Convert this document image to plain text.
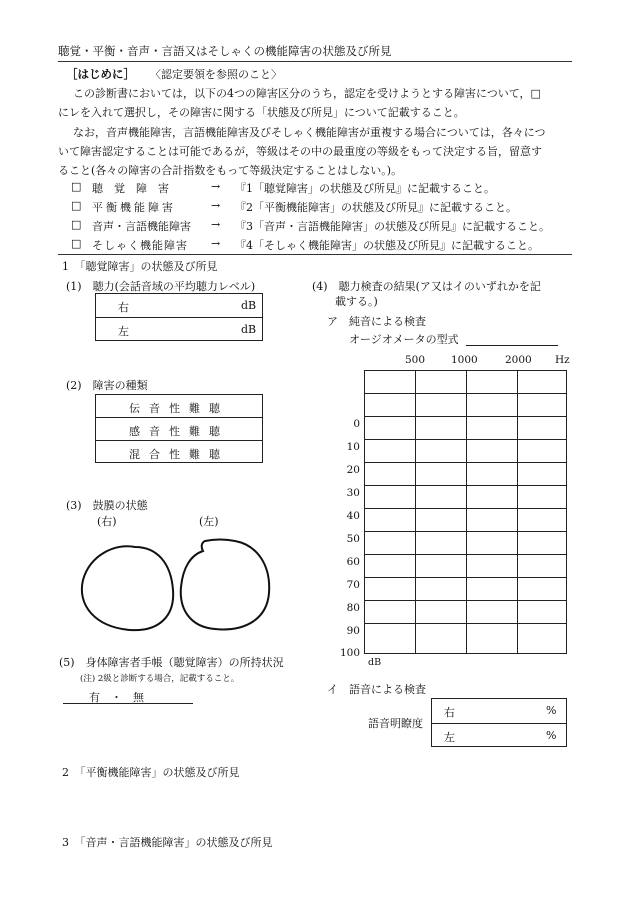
聴覚・平衡・音声・言語又はそしゃくの機能障害の状態及び所見
［はじめに］ 〈認定要領を参照のこと〉
この診断書においては，以下の4つの障害区分のうち，認定を受けようとする障害について，□
にレを入れて選択し，その障害に関する「状態及び所見」について記載すること。
なお，音声機能障害，言語機能障害及びそしゃく機能障害が重複する場合については，各々につ
いて障害認定することは可能であるが，等級はその中の最重度の等級をもって決定する旨，留意す
ること(各々の障害の合計指数をもって等級決定することはしない。)。
□ 聴　覚　障　害	→ 『1「聴覚障害」の状態及び所見』に記載すること。
□ 平衡機能障害	→ 『2「平衡機能障害」の状態及び所見』に記載すること。
□ 音声・言語機能障害 → 『3「音声・言語機能障害」の状態及び所見』に記載すること。
□ そしゃく機能障害 → 『4「そしゃく機能障害」の状態及び所見』に記載すること。
1　「聴覚障害」の状態及び所見
(1)　聴力(会話音域の平均聴力レベル)
右	dB
左	dB
(2)　障害の種類
伝音性難聴
感音性難聴
混合性難聴
(3)　鼓膜の状態
(右)	(左)
(5)　身体障害者手帳（聴覚障害）の所持状況
(注) 2級と診断する場合，記載すること。
有　・　無
(4)　聴力検査の結果(ア又はイのいずれかを記
載する。)
ア　純音による検査
オージオメータの型式
500 1000	2000 Hz
0
10
20
30
40
50
60
70
80
90
100
dB
イ　語音による検査
語音明瞭度
右	%
左	%
2　「平衡機能障害」の状態及び所見
3　「音声・言語機能障害」の状態及び所見
